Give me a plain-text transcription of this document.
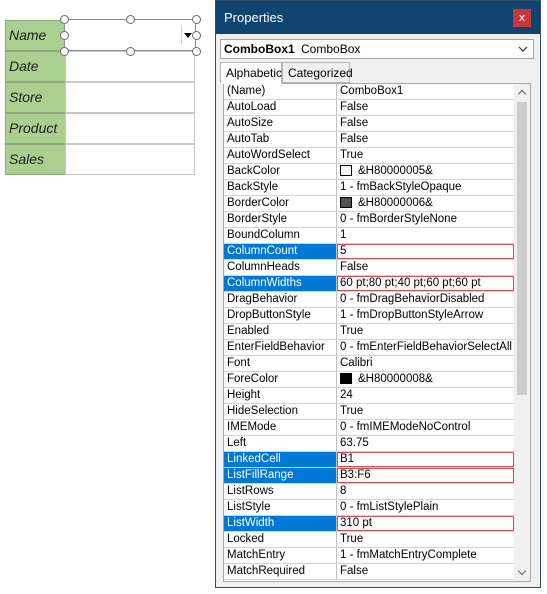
Name
Date
Store
Product
Sales
Properties	x
ComboBox1 ComboBox
Alphabetic Categorized
(Name)	ComboBox1
AutoLoad	False
AutoSize	False
AutoTab	False
AutoWordSelect	True
BackColor	&H80000005&
BackStyle	1 - fmBackStyleOpaque
BorderColor	&H80000006&
BorderStyle	0 - fmBorderStyleNone
BoundColumn	1
ColumnCount	5
ColumnHeads	False
ColumnWidths	60 pt;80 pt;40 pt;60 pt;60 pt
DragBehavior	0 - fmDragBehaviorDisabled
DropButtonStyle	1 - fmDropButtonStyleArrow
Enabled	True
EnterFieldBehavior	0 - fmEnterFieldBehaviorSelectAll
Font	Calibri
ForeColor	&H80000008&
Height	24
HideSelection	True
IMEMode	0 - fmIMEModeNoControl
Left	63.75
LinkedCell	B1
ListFillRange	B3:F6
ListRows	8
ListStyle	0 - fmListStylePlain
ListWidth	310 pt
Locked	True
MatchEntry	1 - fmMatchEntryComplete
MatchRequired	False
